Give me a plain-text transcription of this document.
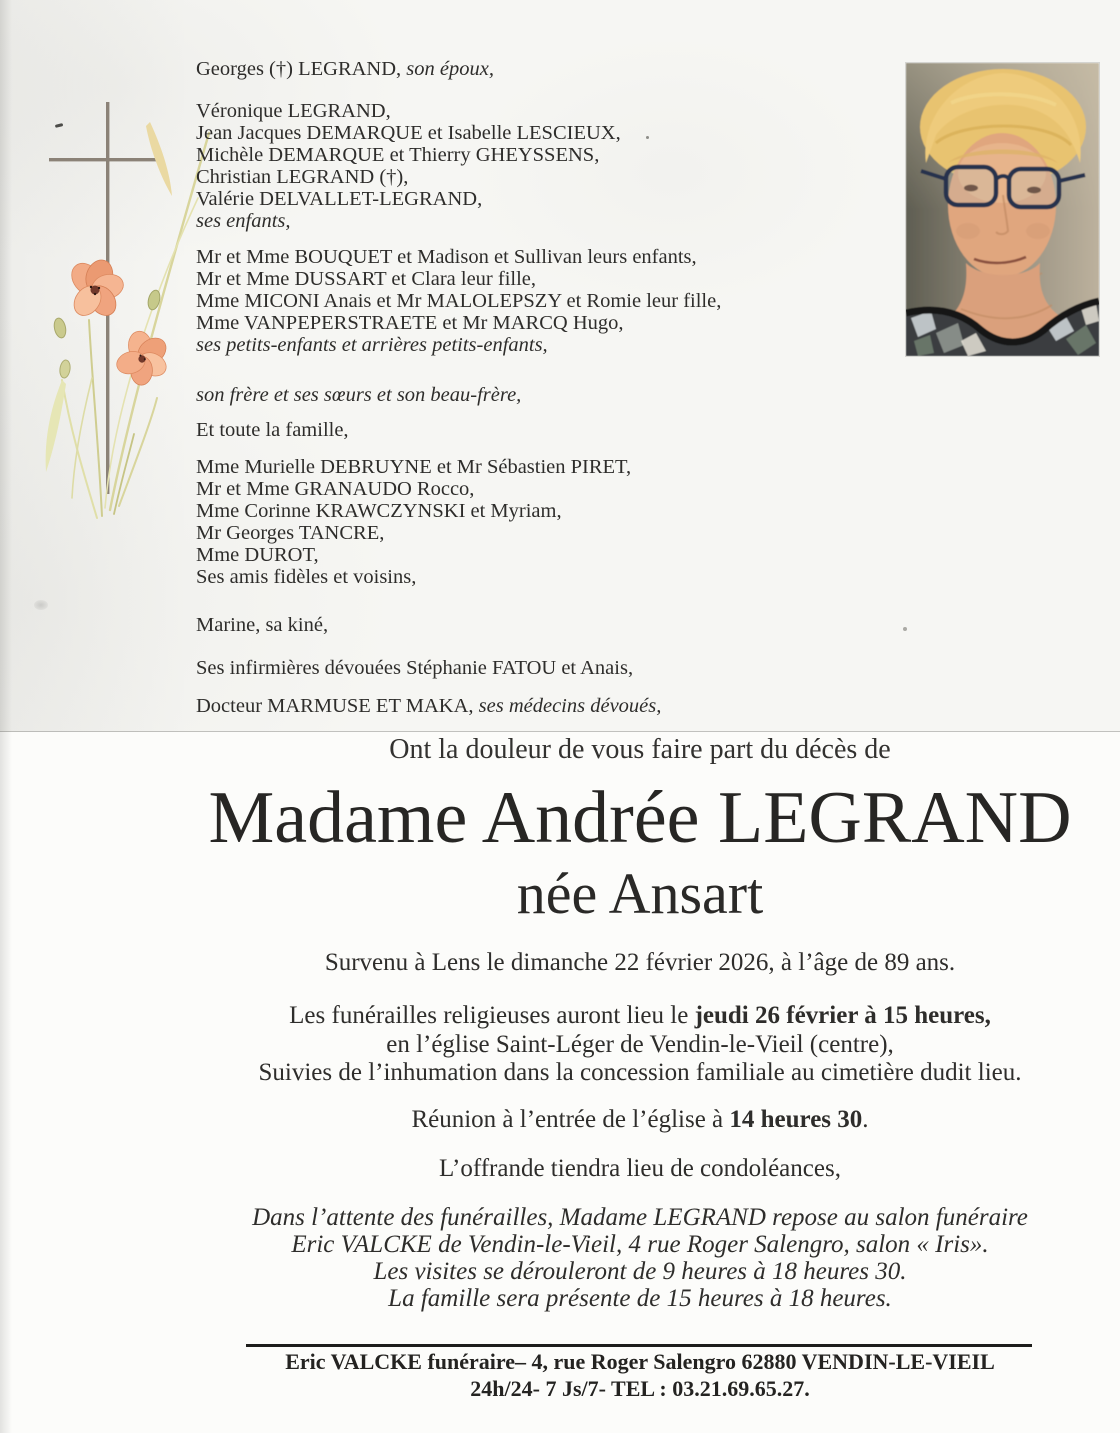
Georges (†) LEGRAND, son époux,

Véronique LEGRAND,
Jean Jacques DEMARQUE et Isabelle LESCIEUX,
Michèle DEMARQUE et Thierry GHEYSSENS,
Christian LEGRAND (†),
Valérie DELVALLET-LEGRAND,
ses enfants,

Mr et Mme BOUQUET et Madison et Sullivan leurs enfants,
Mr et Mme DUSSART et Clara leur fille,
Mme MICONI Anais et Mr MALOLEPSZY et Romie leur fille,
Mme VANPEPERSTRAETE et Mr MARCQ Hugo,
ses petits-enfants et arrières petits-enfants,

son frère et ses sœurs et son beau-frère,

Et toute la famille,

Mme Murielle DEBRUYNE et Mr Sébastien PIRET,
Mr et Mme GRANAUDO Rocco,
Mme Corinne KRAWCZYNSKI et Myriam,
Mr Georges TANCRE,
Mme DUROT,
Ses amis fidèles et voisins,

Marine, sa kiné,

Ses infirmières dévouées Stéphanie FATOU et Anais,

Docteur MARMUSE ET MAKA, ses médecins dévoués,

Ont la douleur de vous faire part du décès de
Madame Andrée LEGRAND
née Ansart
Survenu à Lens le dimanche 22 février 2026, à l’âge de 89 ans.
Les funérailles religieuses auront lieu le jeudi 26 février à 15 heures,
en l’église Saint-Léger de Vendin-le-Vieil (centre),
Suivies de l’inhumation dans la concession familiale au cimetière dudit lieu.
Réunion à l’entrée de l’église à 14 heures 30.
L’offrande tiendra lieu de condoléances,
Dans l’attente des funérailles, Madame LEGRAND repose au salon funéraire
Eric VALCKE de Vendin-le-Vieil, 4 rue Roger Salengro, salon « Iris».
Les visites se dérouleront de 9 heures à 18 heures 30.
La famille sera présente de 15 heures à 18 heures.
Eric VALCKE funéraire– 4, rue Roger Salengro 62880 VENDIN-LE-VIEIL
24h/24- 7 Js/7- TEL : 03.21.69.65.27.
